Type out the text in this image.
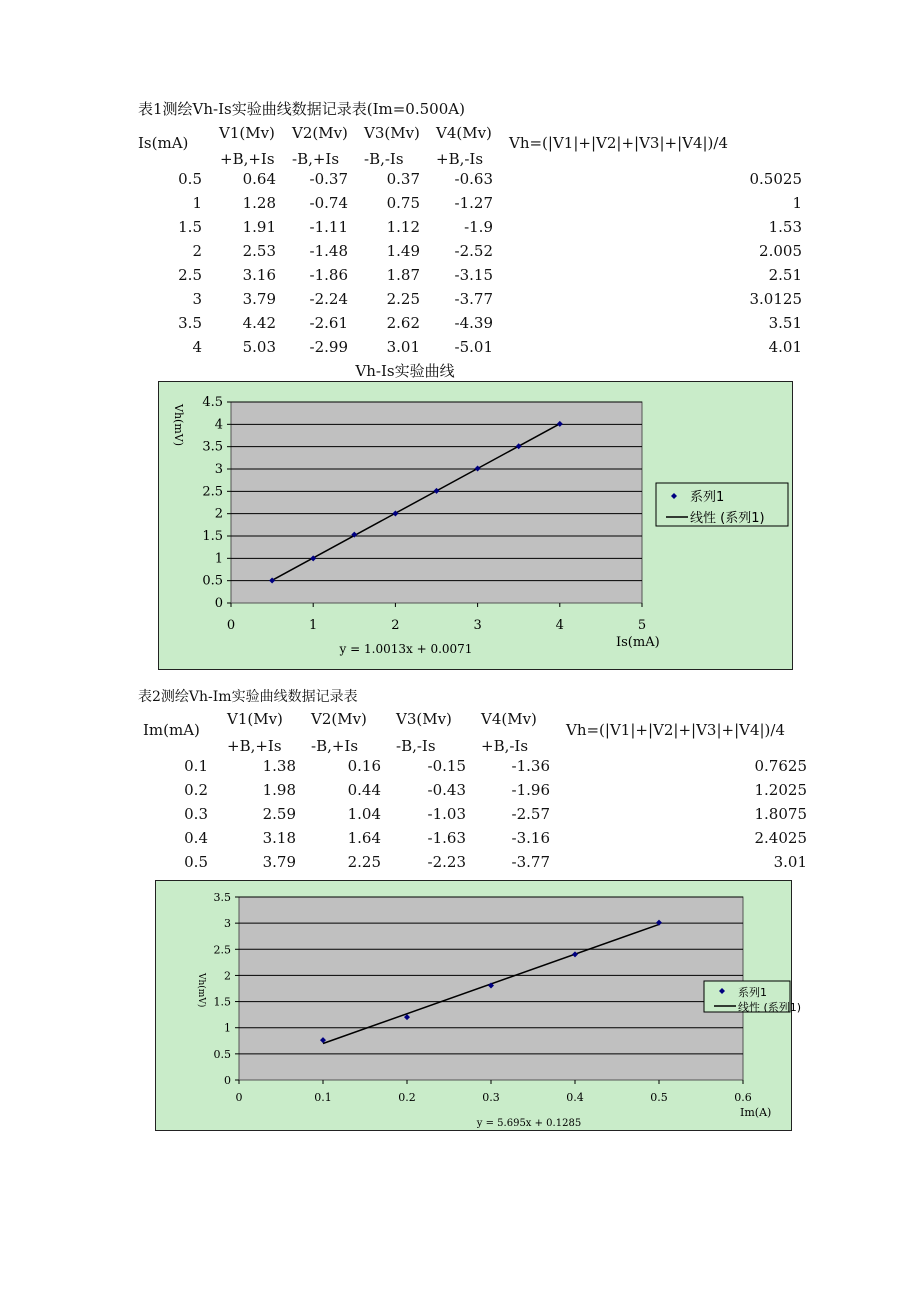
表1测绘Vh-Is实验曲线数据记录表(Im=0.500A)
Is(mA)
V1(Mv) V2(Mv) V3(Mv) V4(Mv)
Vh=(|V1|+|V2|+|V3|+|V4|)/4
+B,+Is -B,+Is -B,-Is +B,-Is
0.5	0.64	-0.37	0.37	-0.63	0.5025
1	1.28	-0.74	0.75	-1.27	1
1.5	1.91	-1.11	1.12	-1.9	1.53
2	2.53	-1.48	1.49	-2.52	2.005
2.5	3.16	-1.86	1.87	-3.15	2.51
3	3.79	-2.24	2.25	-3.77	3.0125
3.5	4.42	-2.61	2.62	-4.39	3.51
4	5.03	-2.99	3.01	-5.01	4.01
Vh-Is实验曲线
0
0.5
1
1.5
2
2.5
3
3.5
4
4.5
0	1	2	3	4	5
y = 1.0013x + 0.0071	Is(mA)
Vh(mV)
系列1
线性 (系列1)
表2测绘Vh-Im实验曲线数据记录表
Im(mA)
V1(Mv) V2(Mv) V3(Mv) V4(Mv)
Vh=(|V1|+|V2|+|V3|+|V4|)/4
+B,+Is -B,+Is	-B,-Is	+B,-Is
0.1	1.38	0.16	-0.15	-1.36	0.7625
0.2	1.98	0.44	-0.43	-1.96	1.2025
0.3	2.59	1.04	-1.03	-2.57	1.8075
0.4	3.18	1.64	-1.63	-3.16	2.4025
0.5	3.79	2.25	-2.23	-3.77	3.01
0
0.5
1
1.5
2
2.5
3
3.5
0	0.1	0.2	0.3	0.4	0.5	0.6
y = 5.695x + 0.1285
Im(A)
Vh(mV)	系列1
线性 (系列1)
